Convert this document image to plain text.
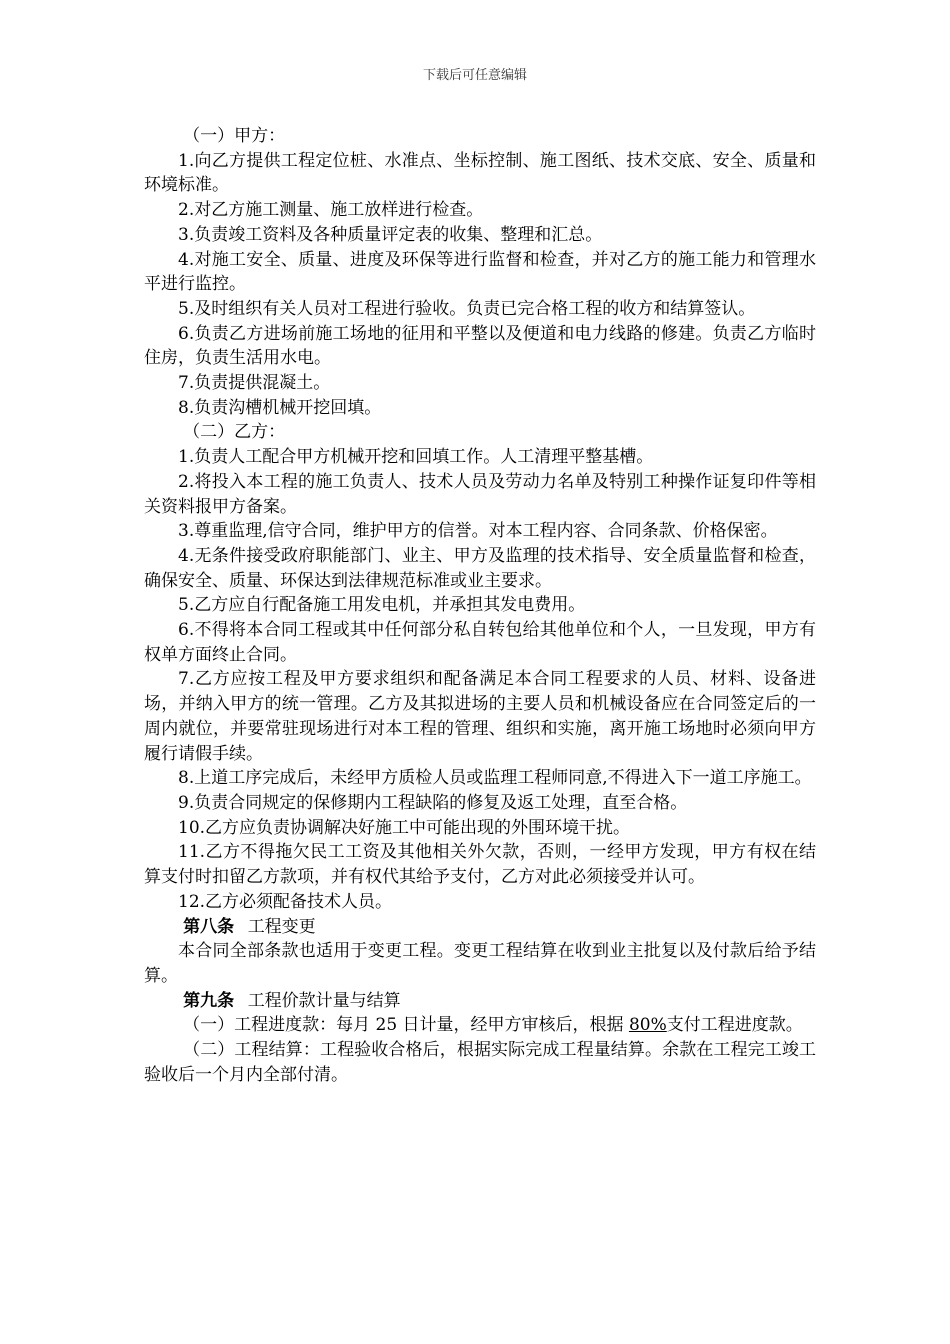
下载后可任意编辑

（一）甲方：

1.向乙方提供工程定位桩、水准点、坐标控制、施工图纸、技术交底、安全、质量和环境标准。

2.对乙方施工测量、施工放样进行检查。

3.负责竣工资料及各种质量评定表的收集、整理和汇总。

4.对施工安全、质量、进度及环保等进行监督和检查，并对乙方的施工能力和管理水平进行监控。

5.及时组织有关人员对工程进行验收。负责已完合格工程的收方和结算签认。

6.负责乙方进场前施工场地的征用和平整以及便道和电力线路的修建。负责乙方临时住房，负责生活用水电。

7.负责提供混凝土。

8.负责沟槽机械开挖回填。

（二）乙方：

1.负责人工配合甲方机械开挖和回填工作。人工清理平整基槽。

2.将投入本工程的施工负责人、技术人员及劳动力名单及特别工种操作证复印件等相关资料报甲方备案。

3.尊重监理,信守合同，维护甲方的信誉。对本工程内容、合同条款、价格保密。

4.无条件接受政府职能部门、业主、甲方及监理的技术指导、安全质量监督和检查，确保安全、质量、环保达到法律规范标准或业主要求。

5.乙方应自行配备施工用发电机，并承担其发电费用。

6.不得将本合同工程或其中任何部分私自转包给其他单位和个人，一旦发现，甲方有权单方面终止合同。

7.乙方应按工程及甲方要求组织和配备满足本合同工程要求的人员、材料、设备进场，并纳入甲方的统一管理。乙方及其拟进场的主要人员和机械设备应在合同签定后的一周内就位，并要常驻现场进行对本工程的管理、组织和实施，离开施工场地时必须向甲方履行请假手续。

8.上道工序完成后，未经甲方质检人员或监理工程师同意,不得进入下一道工序施工。

9.负责合同规定的保修期内工程缺陷的修复及返工处理，直至合格。

10.乙方应负责协调解决好施工中可能出现的外围环境干扰。

11.乙方不得拖欠民工工资及其他相关外欠款，否则，一经甲方发现，甲方有权在结算支付时扣留乙方款项，并有权代其给予支付，乙方对此必须接受并认可。

12.乙方必须配备技术人员。

第八条 工程变更

本合同全部条款也适用于变更工程。变更工程结算在收到业主批复以及付款后给予结算。

第九条 工程价款计量与结算

（一）工程进度款：每月 25 日计量，经甲方审核后，根据 80%支付工程进度款。

（二）工程结算：工程验收合格后，根据实际完成工程量结算。余款在工程完工竣工验收后一个月内全部付清。
